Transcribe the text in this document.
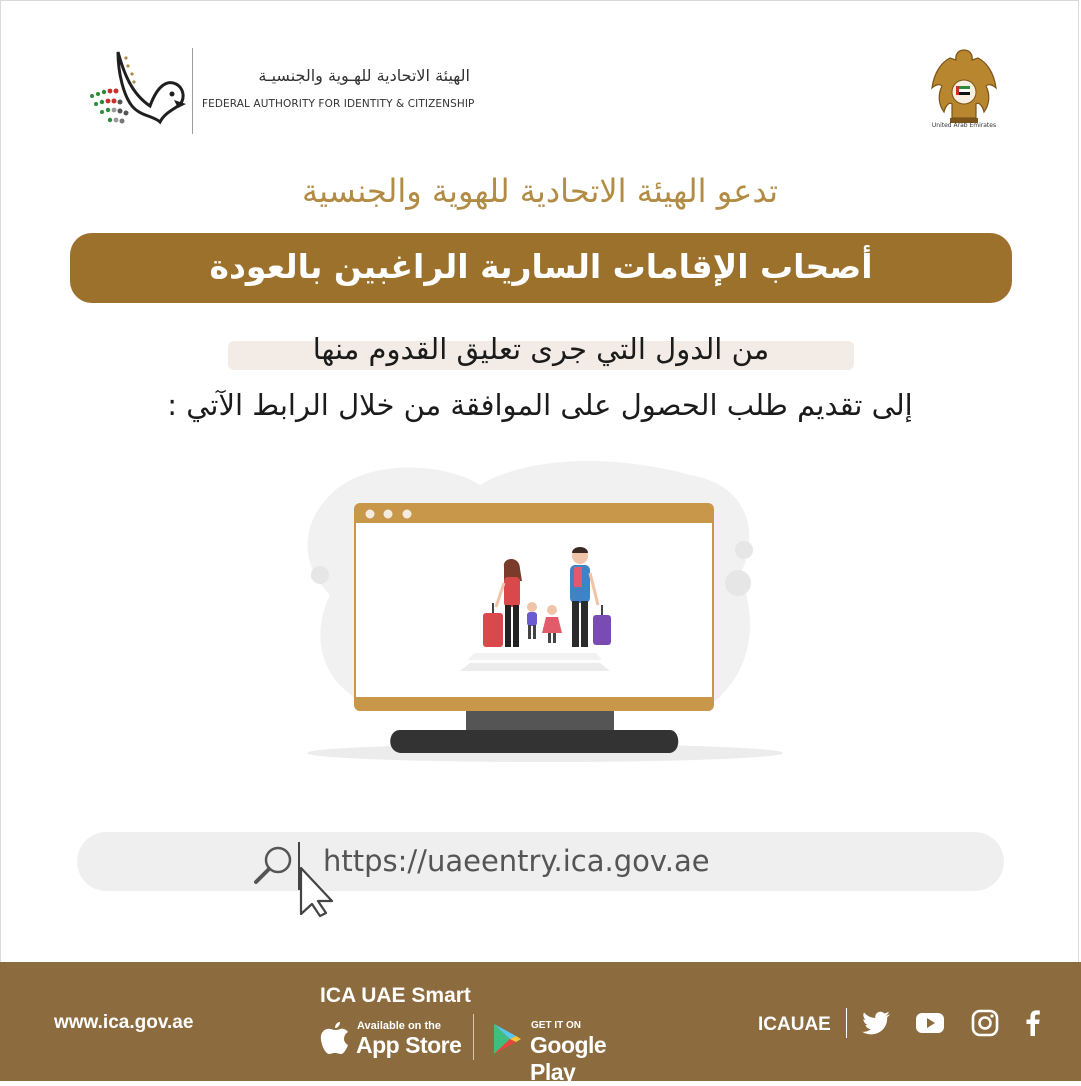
الهيئة الاتحادية للهـوية والجنسيـة
FEDERAL AUTHORITY FOR IDENTITY & CITIZENSHIP
United Arab Emirates
تدعو الهيئة الاتحادية للهوية والجنسية
أصحاب الإقامات السارية الراغبين بالعودة
من الدول التي جرى تعليق القدوم منها
إلى تقديم طلب الحصول على الموافقة من خلال الرابط الآتي :
https://uaeentry.ica.gov.ae
www.ica.gov.ae
ICA UAE Smart
Available on the
App Store
GET IT ON
Google Play
ICAUAE
